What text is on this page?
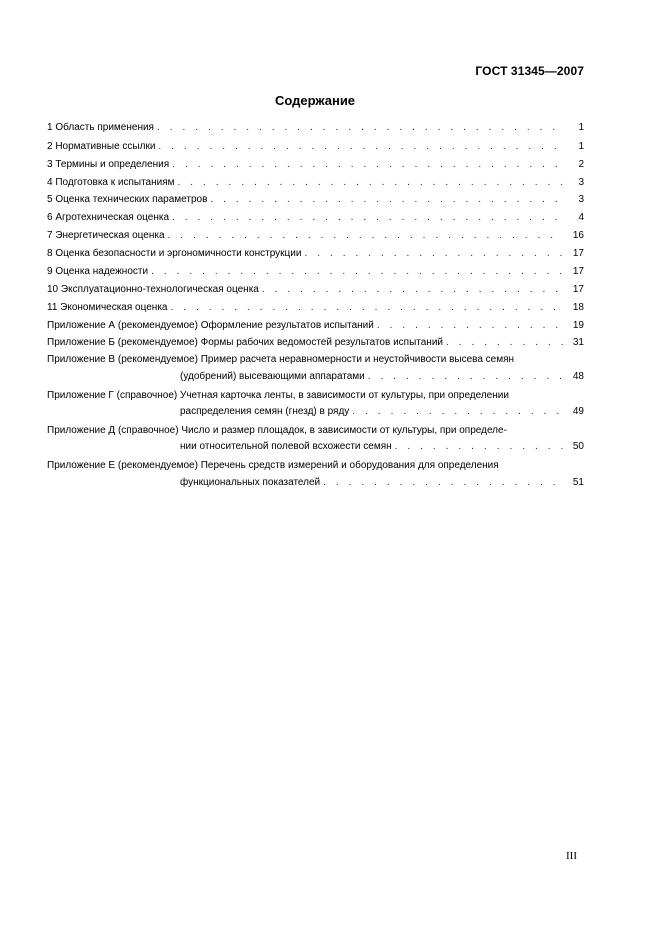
ГОСТ 31345—2007
Содержание
1 Область применения . . .	1
2 Нормативные ссылки . . .	1
3 Термины и определения . . .	2
4 Подготовка к испытаниям . . .	3
5 Оценка технических параметров . . .	3
6 Агротехническая оценка . . .	4
7 Энергетическая оценка . . .	16
8 Оценка безопасности и эргономичности конструкции . . .	17
9 Оценка надежности . . .	17
10 Эксплуатационно-технологическая оценка . . .	17
11 Экономическая оценка . . .	18
Приложение А (рекомендуемое) Оформление результатов испытаний . . .	19
Приложение Б (рекомендуемое) Формы рабочих ведомостей результатов испытаний . . .	31
Приложение В (рекомендуемое) Пример расчета неравномерности и неустойчивости высева семян
(удобрений) высевающими аппаратами . . .	48
Приложение Г (справочное) Учетная карточка ленты, в зависимости от культуры, при определении
распределения семян (гнезд) в ряду . . .	49
Приложение Д (справочное) Число и размер площадок, в зависимости от культуры, при определе-
нии относительной полевой всхожести семян . . .	50
Приложение Е (рекомендуемое) Перечень средств измерений и оборудования для определения
функциональных показателей . . .	51
III
